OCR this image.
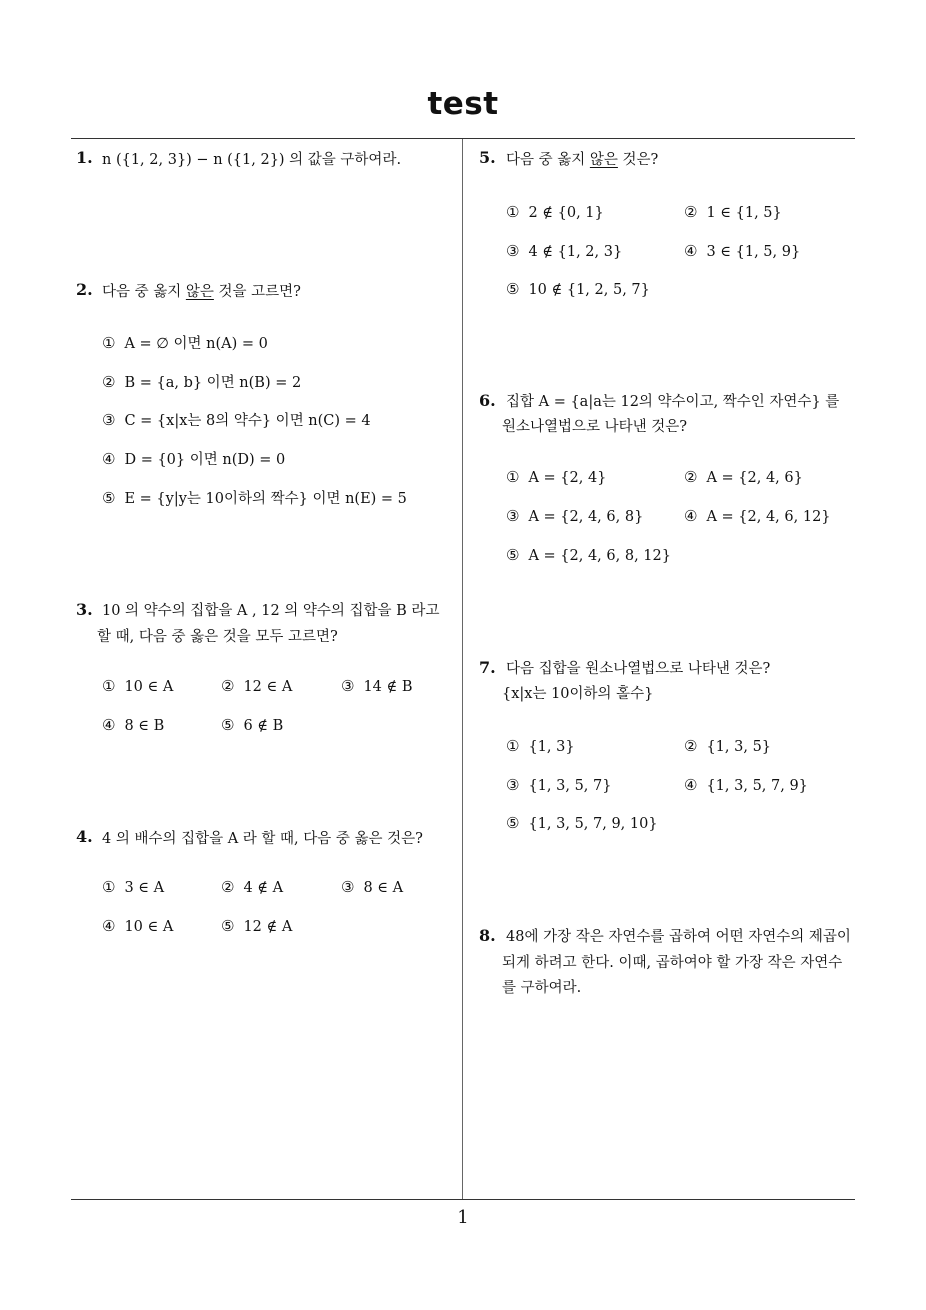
test
1
1. n ({1, 2, 3}) − n ({1, 2}) 의 값을 구하여라.
2. 다음 중 옳지 않은 것을 고르면?
① A = ∅ 이면 n(A) = 0
② B = {a, b} 이면 n(B) = 2
③ C = {x|x는 8의 약수} 이면 n(C) = 4
④ D = {0} 이면 n(D) = 0
⑤ E = {y|y는 10이하의 짝수} 이면 n(E) = 5
3. 10 의 약수의 집합을 A , 12 의 약수의 집합을 B 라고
할 때, 다음 중 옳은 것을 모두 고르면?
① 10 ∈ A	② 12 ∈ A	③ 14 ∉ B
④ 8 ∈ B	⑤ 6 ∉ B
4. 4 의 배수의 집합을 A 라 할 때, 다음 중 옳은 것은?
① 3 ∈ A	② 4 ∉ A	③ 8 ∈ A
④ 10 ∈ A	⑤ 12 ∉ A
5. 다음 중 옳지 않은 것은?
① 2 ∉ {0, 1}	② 1 ∈ {1, 5}
③ 4 ∉ {1, 2, 3}	④ 3 ∈ {1, 5, 9}
⑤ 10 ∉ {1, 2, 5, 7}
6. 집합 A = {a|a는 12의 약수이고, 짝수인 자연수} 를
원소나열법으로 나타낸 것은?
① A = {2, 4}	② A = {2, 4, 6}
③ A = {2, 4, 6, 8}	④ A = {2, 4, 6, 12}
⑤ A = {2, 4, 6, 8, 12}
7. 다음 집합을 원소나열법으로 나타낸 것은?
{x|x는 10이하의 홀수}
① {1, 3}	② {1, 3, 5}
③ {1, 3, 5, 7}	④ {1, 3, 5, 7, 9}
⑤ {1, 3, 5, 7, 9, 10}
8. 48에 가장 작은 자연수를 곱하여 어떤 자연수의 제곱이
되게 하려고 한다. 이때, 곱하여야 할 가장 작은 자연수
를 구하여라.
